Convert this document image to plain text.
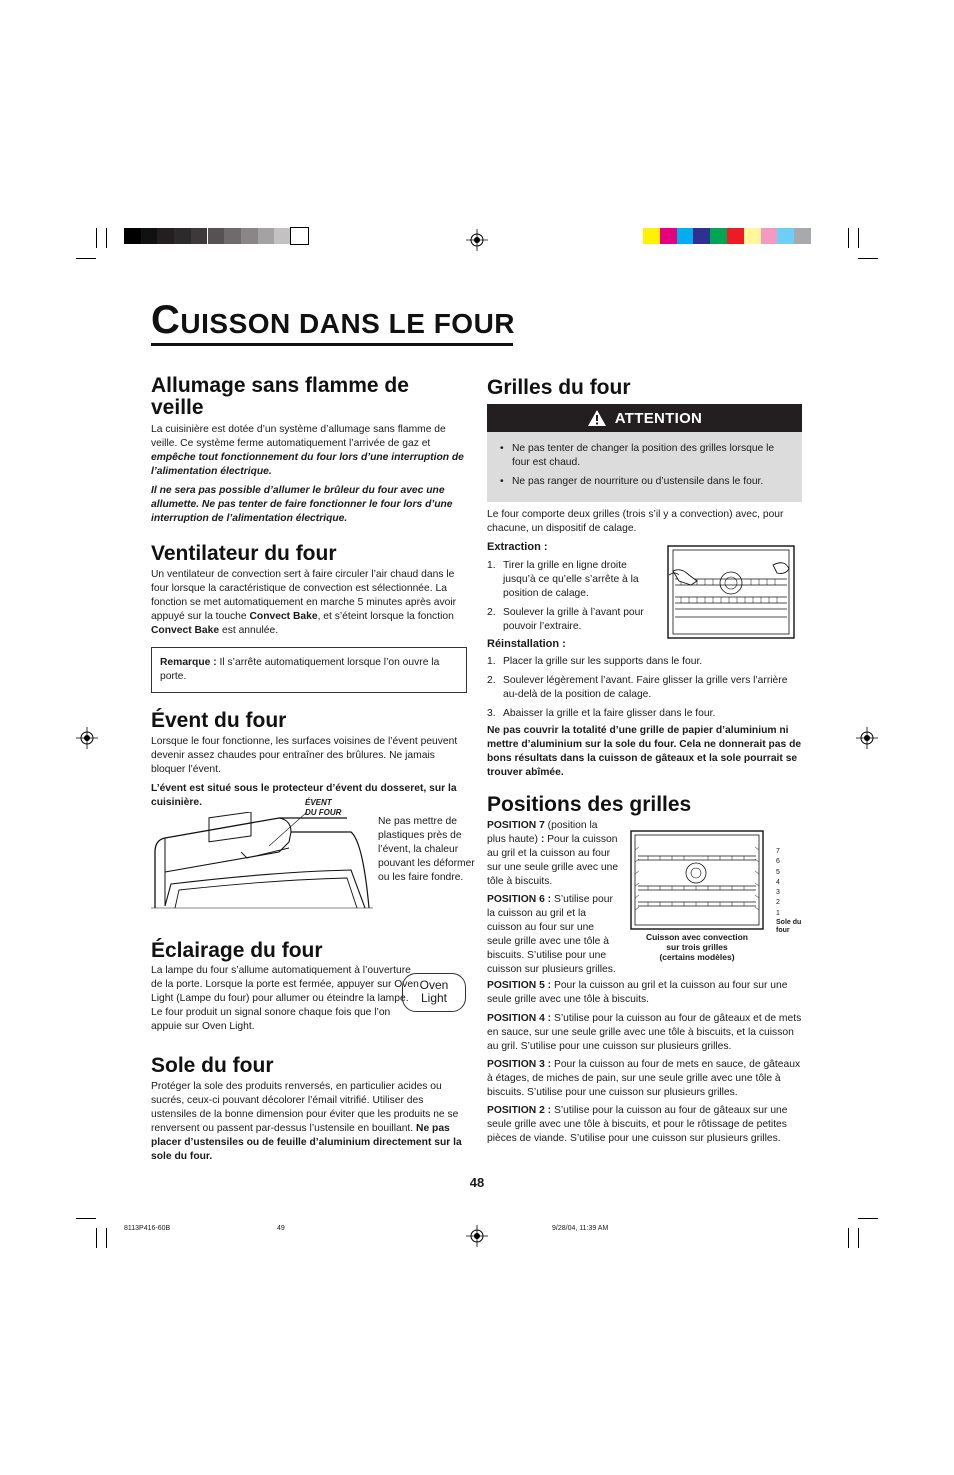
CUISSON DANS LE FOUR
Allumage sans flamme de veille

La cuisinière est dotée d’un système d’allumage sans flamme de veille. Ce système ferme automatiquement l’arrivée de gaz et empêche tout fonctionnement du four lors d’une interruption de l’alimentation électrique.

Il ne sera pas possible d’allumer le brûleur du four avec une allumette. Ne pas tenter de faire fonctionner le four lors d’une interruption de l’alimentation électrique.

Ventilateur du four

Un ventilateur de convection sert à faire circuler l’air chaud dans le four lorsque la caractéristique de convection est sélectionnée. La fonction se met automatiquement en marche 5 minutes après avoir appuyé sur la touche Convect Bake, et s’éteint lorsque la fonction Convect Bake est annulée.

Remarque : Il s’arrête automatiquement lorsque l’on ouvre la porte.
Évent du four

Lorsque le four fonctionne, les surfaces voisines de l’évent peuvent devenir assez chaudes pour entraîner des brûlures. Ne jamais bloquer l’évent.

L’évent est situé sous le protecteur d’évent du dosseret, sur la cuisinière.	ÉVENT
DU FOUR

Ne pas mettre de plastiques près de l’évent, la chaleur pouvant les déformer ou les faire fondre.

Éclairage du four

La lampe du four s’allume automatiquement à l’ouverture de la porte. Lorsque la porte est fermée, appuyer sur Oven Light (Lampe du four) pour allumer ou éteindre la lampe. Le four produit un signal sonore chaque fois que l’on appuie sur Oven Light.

Oven
Light
Sole du four

Protéger la sole des produits renversés, en particulier acides ou sucrés, ceux-ci pouvant décolorer l’émail vitrifié. Utiliser des ustensiles de la bonne dimension pour éviter que les produits ne se renversent ou passent par-dessus l’ustensile en bouillant. Ne pas placer d’ustensiles ou de feuille d’aluminium directement sur la sole du four.

Grilles du four
ATTENTION
• Ne pas tenter de changer la position des grilles lorsque le four est chaud.
• Ne pas ranger de nourriture ou d’ustensile dans le four.

Le four comporte deux grilles (trois s’il y a convection) avec, pour chacune, un dispositif de calage.

Extraction :

1. Tirer la grille en ligne droite jusqu’à ce qu’elle s’arrête à la position de calage.
2. Soulever la grille à l’avant pour pouvoir l’extraire.

Réinstallation :

1. Placer la grille sur les supports dans le four.
2. Soulever légèrement l’avant. Faire glisser la grille vers l’arrière au-delà de la position de calage.
3. Abaisser la grille et la faire glisser dans le four.

Ne pas couvrir la totalité d’une grille de papier d’aluminium ni mettre d’aluminium sur la sole du four. Cela ne donnerait pas de bons résultats dans la cuisson de gâteaux et la sole pourrait se trouver abîmée.

Positions des grilles
POSITION 7 (position la plus haute) : Pour la cuisson au gril et la cuisson au four sur une seule grille avec une tôle à biscuits.
POSITION 6 : S’utilise pour la cuisson au gril et la cuisson au four sur une seule grille avec une tôle à biscuits. S’utilise pour une cuisson sur plusieurs grilles.
7
6
5
4
3
2
1
Sole du
four
Cuisson avec convection
sur trois grilles
(certains modèles)
POSITION 5 : Pour la cuisson au gril et la cuisson au four sur une seule grille avec une tôle à biscuits.
POSITION 4 : S’utilise pour la cuisson au four de gâteaux et de mets en sauce, sur une seule grille avec une tôle à biscuits, et la cuisson au gril. S’utilise pour une cuisson sur plusieurs grilles.
POSITION 3 : Pour la cuisson au four de mets en sauce, de gâteaux à étages, de miches de pain, sur une seule grille avec une tôle à biscuits. S’utilise pour une cuisson sur plusieurs grilles.
POSITION 2 : S’utilise pour la cuisson au four de gâteaux sur une seule grille avec une tôle à biscuits, et pour le rôtissage de petites pièces de viande. S’utilise pour une cuisson sur plusieurs grilles.
48
8113P416-60B	49	9/28/04, 11:39 AM
